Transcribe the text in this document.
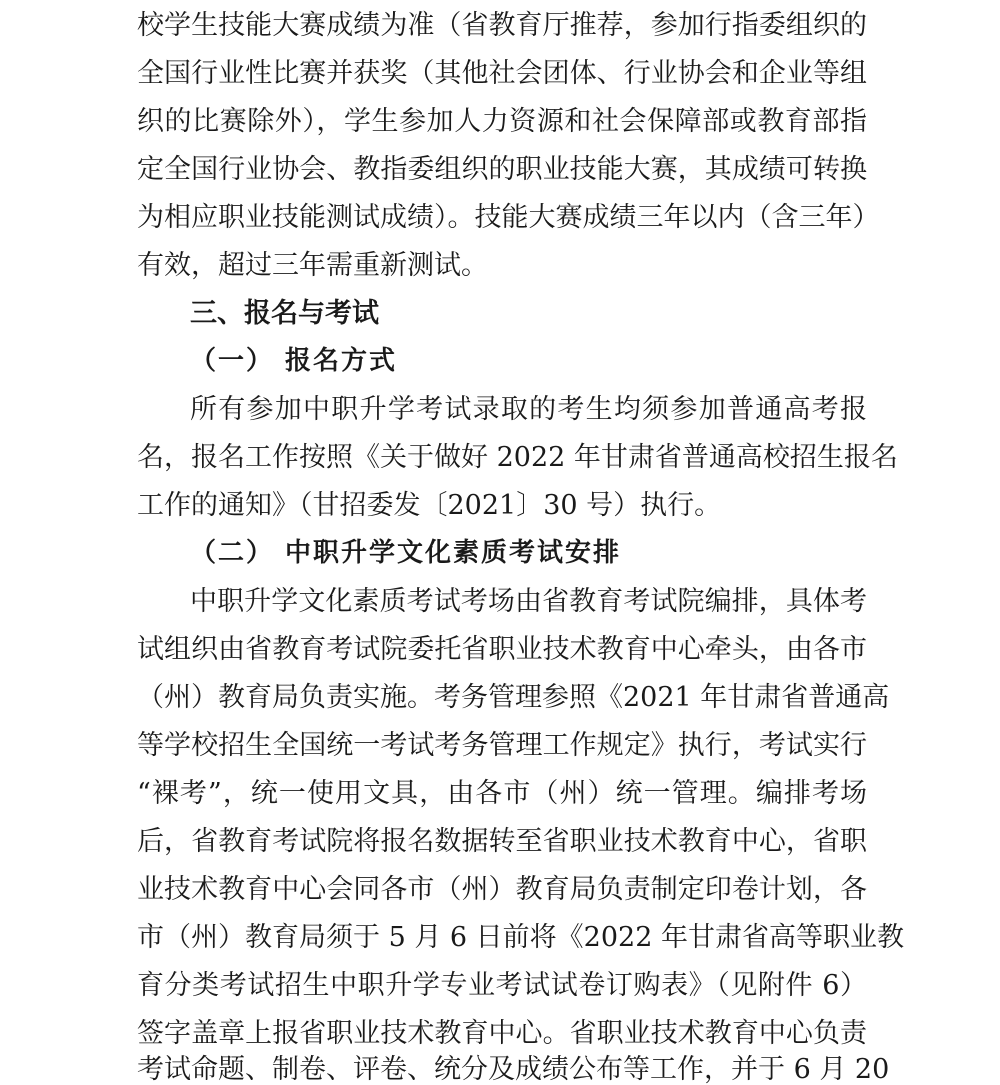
校学生技能大赛成绩为准（省教育厅推荐，参加行指委组织的
全国行业性比赛并获奖（其他社会团体、行业协会和企业等组
织的比赛除外），学生参加人力资源和社会保障部或教育部指
定全国行业协会、教指委组织的职业技能大赛，其成绩可转换
为相应职业技能测试成绩）。技能大赛成绩三年以内（含三年）
有效，超过三年需重新测试。
三、报名与考试
（一） 报名方式
所有参加中职升学考试录取的考生均须参加普通高考报
名，报名工作按照《关于做好 2022 年甘肃省普通高校招生报名
工作的通知》（甘招委发〔2021〕30 号）执行。
（二） 中职升学文化素质考试安排
中职升学文化素质考试考场由省教育考试院编排，具体考
试组织由省教育考试院委托省职业技术教育中心牵头，由各市
（州）教育局负责实施。考务管理参照《2021 年甘肃省普通高
等学校招生全国统一考试考务管理工作规定》执行，考试实行
“裸考”，统一使用文具，由各市（州）统一管理。编排考场
后，省教育考试院将报名数据转至省职业技术教育中心，省职
业技术教育中心会同各市（州）教育局负责制定印卷计划，各
市（州）教育局须于 5 月 6 日前将《2022 年甘肃省高等职业教
育分类考试招生中职升学专业考试试卷订购表》（见附件 6）
签字盖章上报省职业技术教育中心。省职业技术教育中心负责
考试命题、制卷、评卷、统分及成绩公布等工作，并于 6 月 20
